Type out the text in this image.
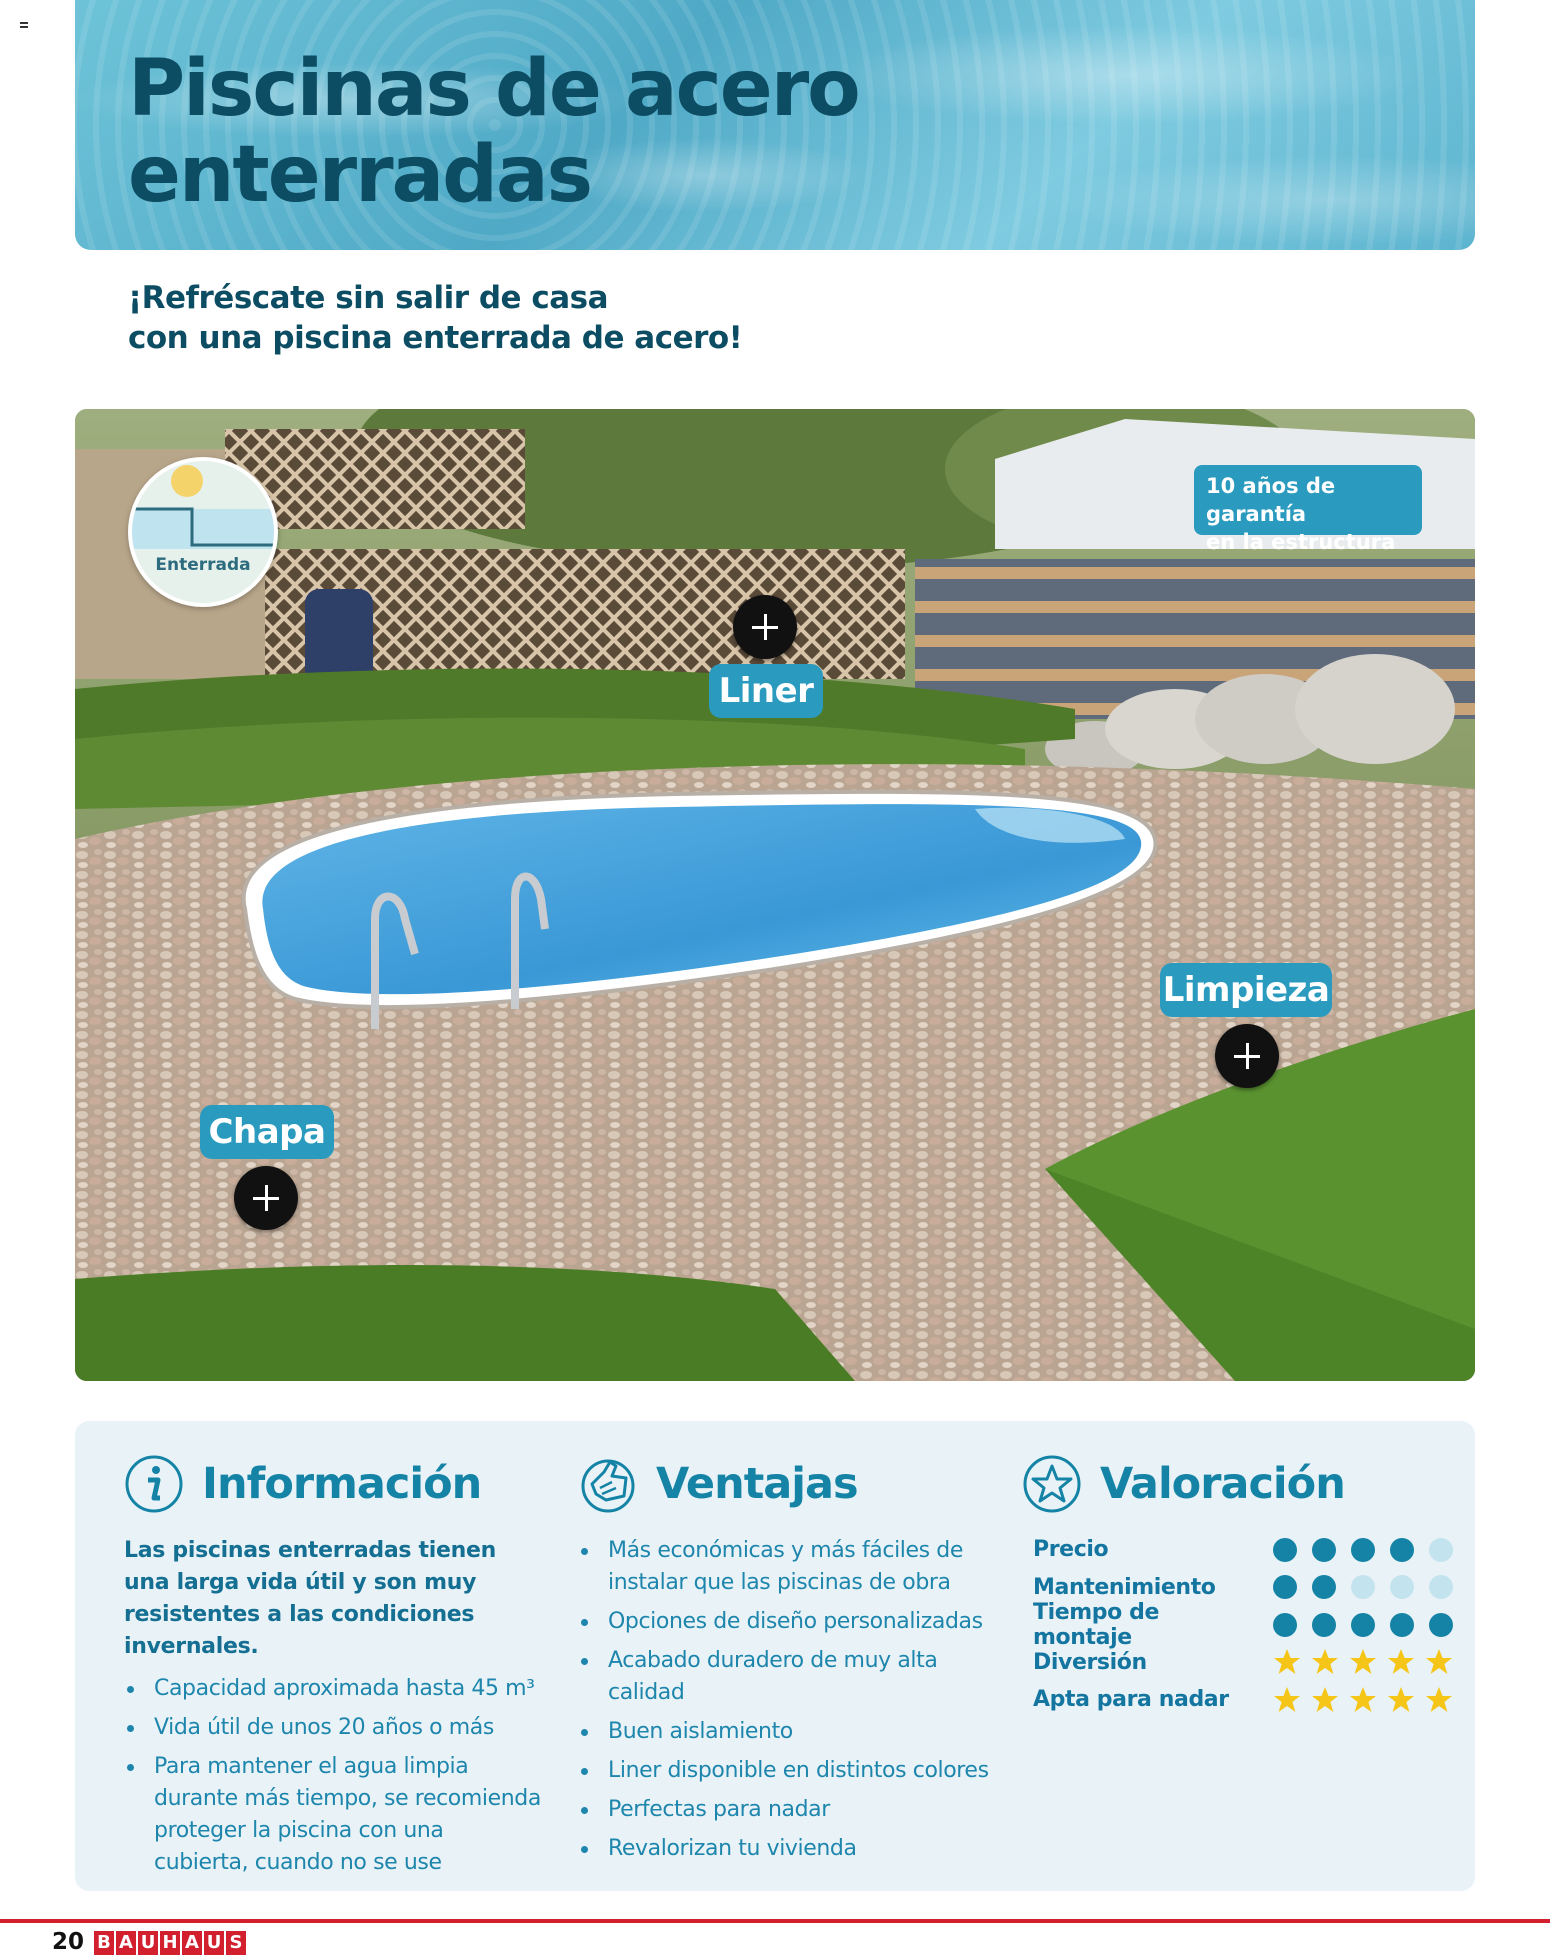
Piscinas de acero
enterradas

¡Refréscate sin salir de casa
con una piscina enterrada de acero!

Enterrada
10 años de garantía
en la estructura
Liner
Limpieza
Chapa
Información

Las piscinas enterradas tienen una larga vida útil y son muy resistentes a las condiciones invernales.

Capacidad aproximada hasta 45 m³
Vida útil de unos 20 años o más
Para mantener el agua limpia durante más tiempo, se recomienda proteger la piscina con una cubierta, cuando no se use
Ventajas
Más económicas y más fáciles de instalar que las piscinas de obra
Opciones de diseño personalizadas
Acabado duradero de muy alta calidad
Buen aislamiento
Liner disponible en distintos colores
Perfectas para nadar
Revalorizan tu vivienda
Valoración
Precio
Mantenimiento
Tiempo de montaje
Diversión
Apta para nadar
20 B A U H A U S
